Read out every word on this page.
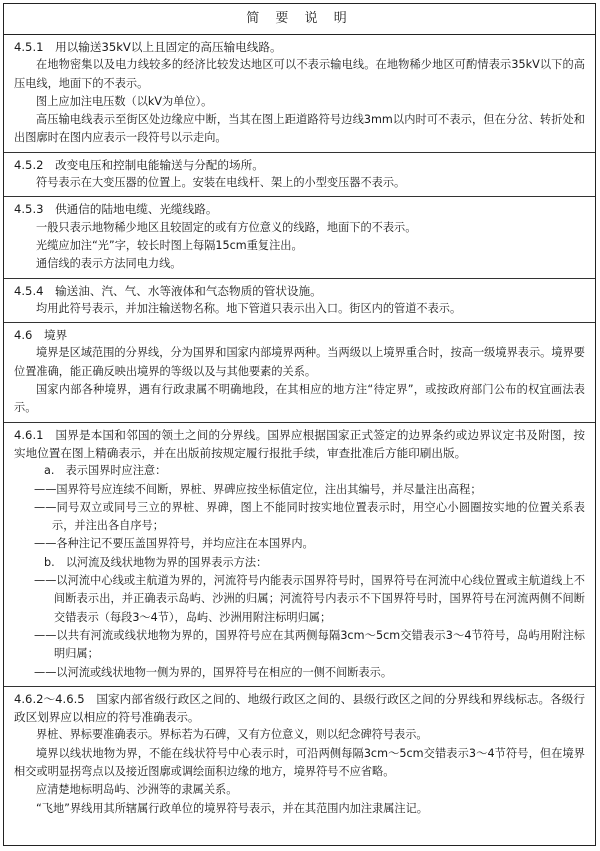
简 要 说 明

4.5.1　用以输送35kV以上且固定的高压输电线路。

在地物密集以及电力线较多的经济比较发达地区可以不表示输电线。在地物稀少地区可酌情表示35kV以下的高压电线，地面下的不表示。

图上应加注电压数（以kV为单位）。

高压输电线表示至街区处边缘应中断，当其在图上距道路符号边线3mm以内时可不表示，但在分岔、转折处和出图廓时在图内应表示一段符号以示走向。

4.5.2　改变电压和控制电能输送与分配的场所。

符号表示在大变压器的位置上。安装在电线杆、架上的小型变压器不表示。

4.5.3　供通信的陆地电缆、光缆线路。

一般只表示地物稀少地区且较固定的或有方位意义的线路，地面下的不表示。

光缆应加注“光”字，较长时图上每隔15cm重复注出。

通信线的表示方法同电力线。

4.5.4　输送油、汽、气、水等液体和气态物质的管状设施。

均用此符号表示，并加注输送物名称。地下管道只表示出入口。街区内的管道不表示。

4.6　境界

境界是区域范围的分界线，分为国界和国家内部境界两种。当两级以上境界重合时，按高一级境界表示。境界要位置准确，能正确反映出境界的等级以及与其他要素的关系。

国家内部各种境界，遇有行政隶属不明确地段，在其相应的地方注“待定界”，或按政府部门公布的权宜画法表示。

4.6.1　国界是本国和邻国的领土之间的分界线。国界应根据国家正式签定的边界条约或边界议定书及附图，按实地位置在图上精确表示，并在出版前按规定履行报批手续，审查批准后方能印刷出版。

a.　表示国界时应注意：

——国界符号应连续不间断，界桩、界碑应按坐标值定位，注出其编号，并尽量注出高程；

——同号双立或同号三立的界桩、界碑，图上不能同时按实地位置表示时，用空心小圆圈按实地的位置关系表示，并注出各自序号；

——各种注记不要压盖国界符号，并均应注在本国界内。

b.　以河流及线状地物为界的国界表示方法：

——以河流中心线或主航道为界的，河流符号内能表示国界符号时，国界符号在河流中心线位置或主航道线上不间断表示出，并正确表示岛屿、沙洲的归属；河流符号内表示不下国界符号时，国界符号在河流两侧不间断交错表示（每段3～4节），岛屿、沙洲用附注标明归属；

——以共有河流或线状地物为界的，国界符号应在其两侧每隔3cm～5cm交错表示3～4节符号，岛屿用附注标明归属；

——以河流或线状地物一侧为界的，国界符号在相应的一侧不间断表示。

4.6.2～4.6.5　国家内部省级行政区之间的、地级行政区之间的、县级行政区之间的分界线和界线标志。各级行政区划界应以相应的符号准确表示。

界桩、界标要准确表示。界标若为石碑，又有方位意义，则以纪念碑符号表示。

境界以线状地物为界，不能在线状符号中心表示时，可沿两侧每隔3cm～5cm交错表示3～4节符号，但在境界相交或明显拐弯点以及接近图廓或调绘面积边缘的地方，境界符号不应省略。

应清楚地标明岛屿、沙洲等的隶属关系。

“飞地”界线用其所辖属行政单位的境界符号表示，并在其范围内加注隶属注记。
